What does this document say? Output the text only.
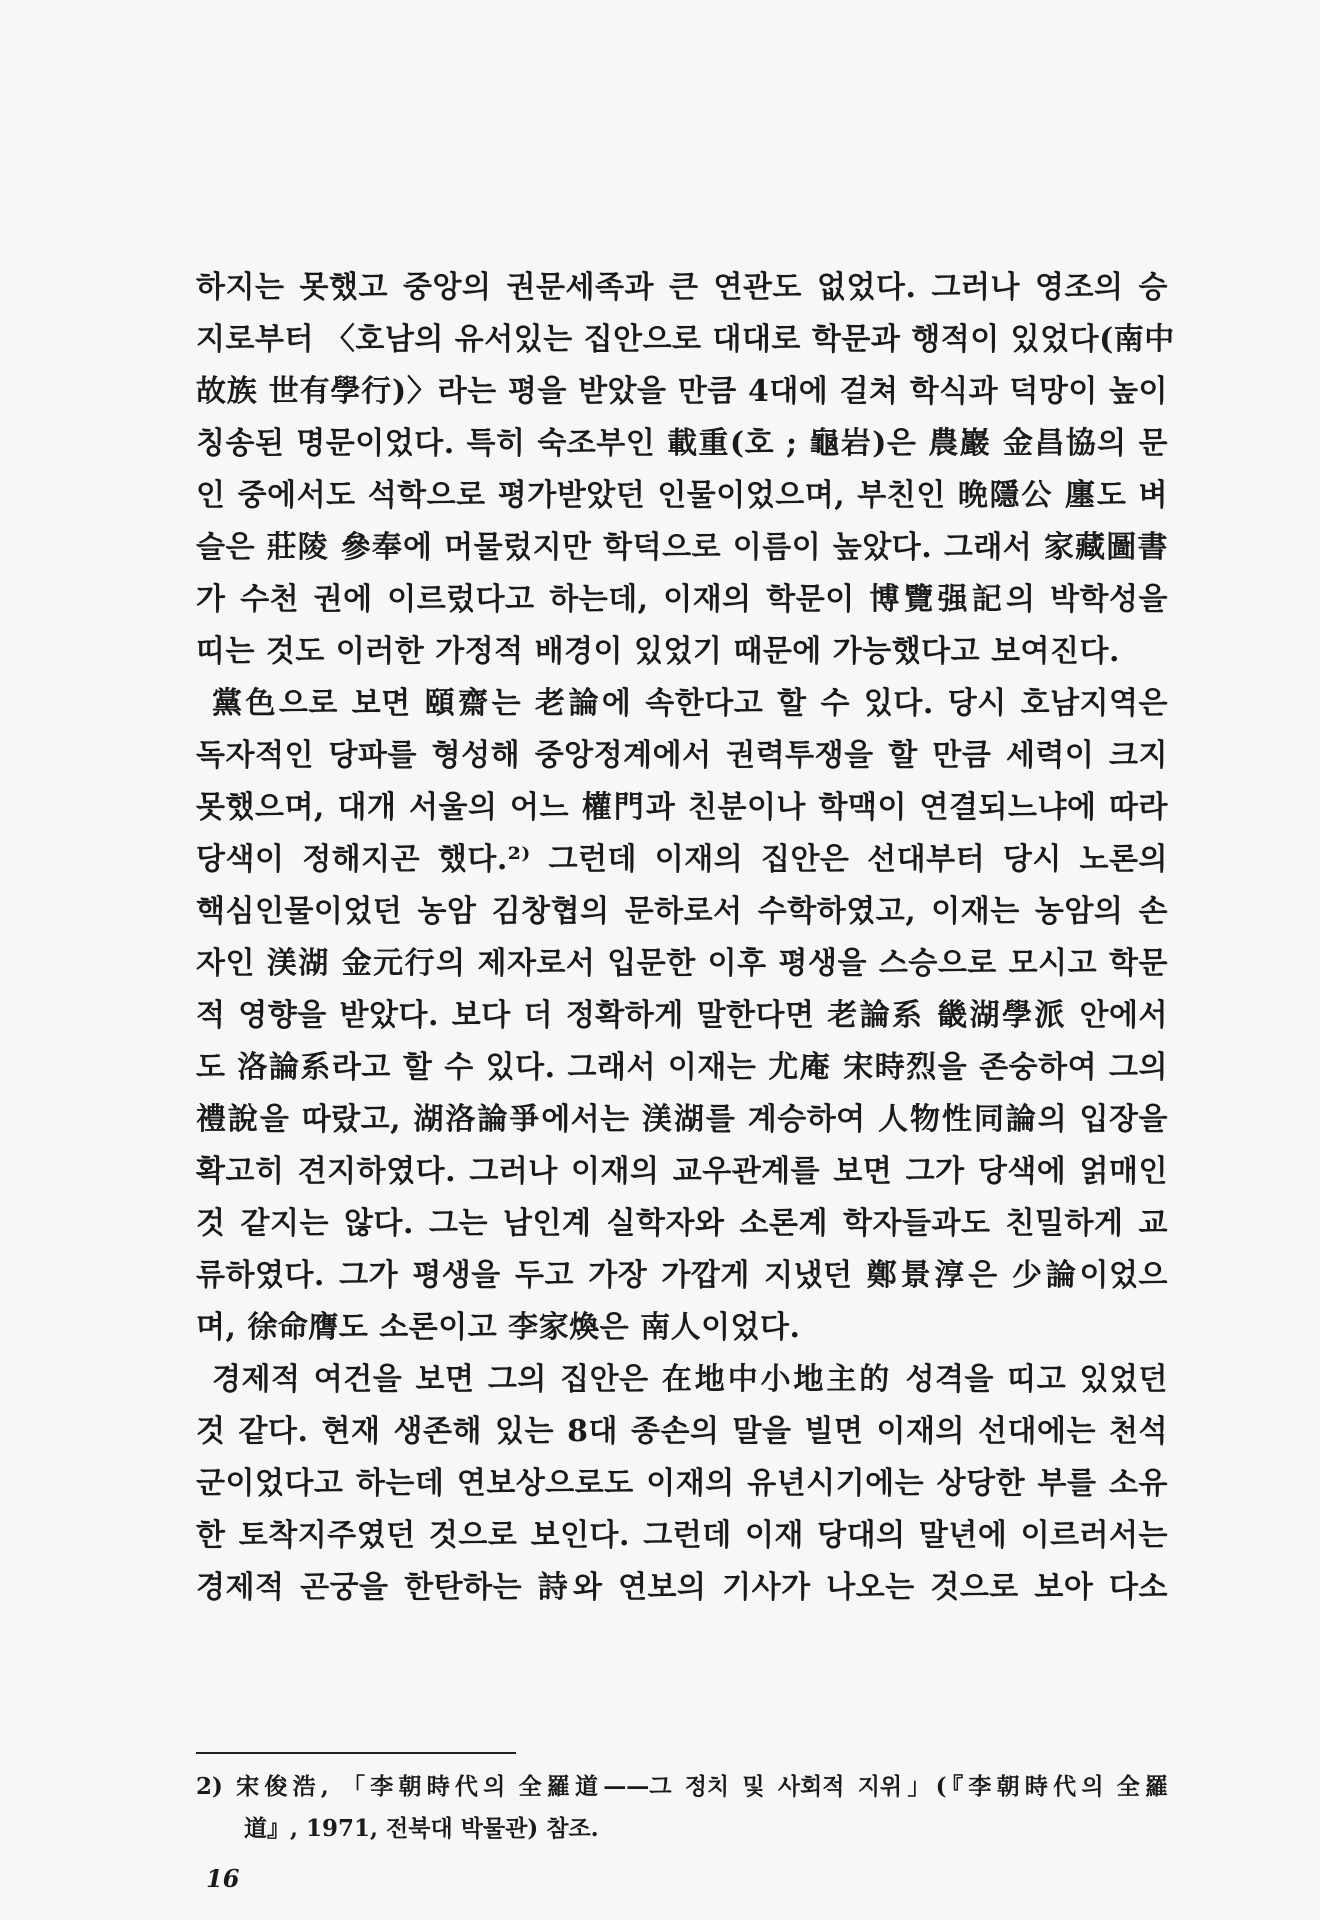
하지는 못했고 중앙의 권문세족과 큰 연관도 없었다. 그러나 영조의 승
지로부터 〈호남의 유서있는 집안으로 대대로 학문과 행적이 있었다(南中
故族 世有學行)〉라는 평을 받았을 만큼 4대에 걸쳐 학식과 덕망이 높이
칭송된 명문이었다. 특히 숙조부인 載重(호 ; 龜岩)은 農巖 金昌協의 문
인 중에서도 석학으로 평가받았던 인물이었으며, 부친인 晩隱公 廛도 벼
슬은 莊陵 參奉에 머물렀지만 학덕으로 이름이 높았다. 그래서 家藏圖書
가 수천 권에 이르렀다고 하는데, 이재의 학문이 博覽强記의 박학성을
띠는 것도 이러한 가정적 배경이 있었기 때문에 가능했다고 보여진다.
黨色으로 보면 頤齋는 老論에 속한다고 할 수 있다. 당시 호남지역은
독자적인 당파를 형성해 중앙정계에서 권력투쟁을 할 만큼 세력이 크지
못했으며, 대개 서울의 어느 權門과 친분이나 학맥이 연결되느냐에 따라
당색이 정해지곤 했다.²⁾ 그런데 이재의 집안은 선대부터 당시 노론의
핵심인물이었던 농암 김창협의 문하로서 수학하였고, 이재는 농암의 손
자인 渼湖 金元行의 제자로서 입문한 이후 평생을 스승으로 모시고 학문
적 영향을 받았다. 보다 더 정확하게 말한다면 老論系 畿湖學派 안에서
도 洛論系라고 할 수 있다. 그래서 이재는 尤庵 宋時烈을 존숭하여 그의
禮說을 따랐고, 湖洛論爭에서는 渼湖를 계승하여 人物性同論의 입장을
확고히 견지하였다. 그러나 이재의 교우관계를 보면 그가 당색에 얽매인
것 같지는 않다. 그는 남인계 실학자와 소론계 학자들과도 친밀하게 교
류하였다. 그가 평생을 두고 가장 가깝게 지냈던 鄭景淳은 少論이었으
며, 徐命膺도 소론이고 李家煥은 南人이었다.
경제적 여건을 보면 그의 집안은 在地中小地主的 성격을 띠고 있었던
것 같다. 현재 생존해 있는 8대 종손의 말을 빌면 이재의 선대에는 천석
군이었다고 하는데 연보상으로도 이재의 유년시기에는 상당한 부를 소유
한 토착지주였던 것으로 보인다. 그런데 이재 당대의 말년에 이르러서는
경제적 곤궁을 한탄하는 詩와 연보의 기사가 나오는 것으로 보아 다소
2) 宋俊浩, 「李朝時代의 全羅道——그 정치 및 사회적 지위」(『李朝時代의 全羅
道』, 1971, 전북대 박물관) 참조.
16
